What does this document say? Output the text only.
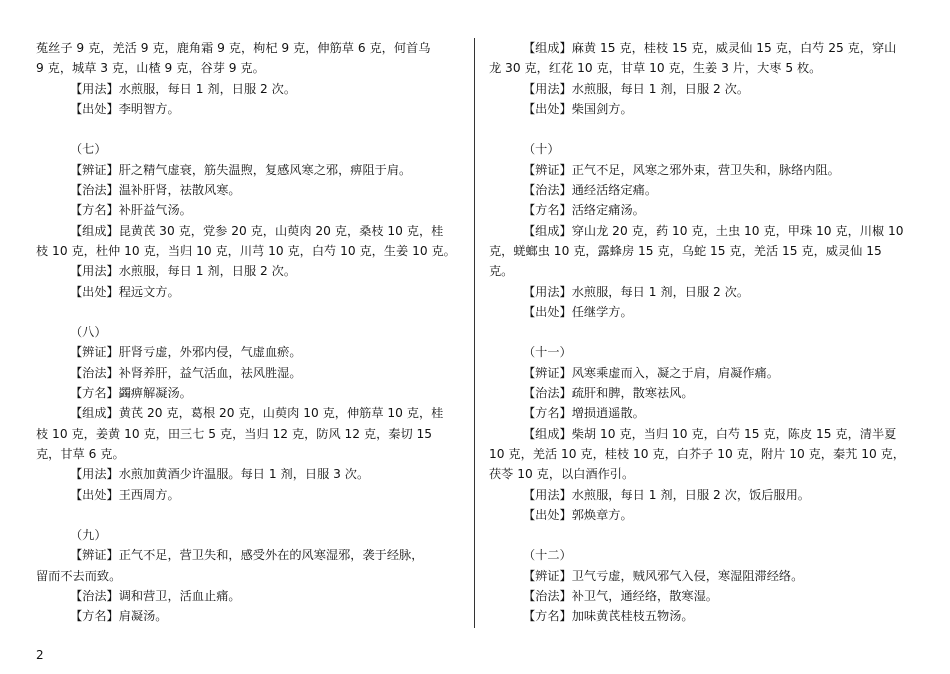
菟丝子 9 克，羌活 9 克，鹿角霜 9 克，枸杞 9 克，伸筋草 6 克，何首乌
9 克，城草 3 克，山楂 9 克，谷芽 9 克。
【用法】水煎服，每日 1 剂，日服 2 次。
【出处】李明智方。
（七）
【辨证】肝之精气虚衰，筋失温煦，复感风寒之邪，痹阻于肩。
【治法】温补肝肾，祛散风寒。
【方名】补肝益气汤。
【组成】昆黄芪 30 克，党参 20 克，山萸肉 20 克，桑枝 10 克，桂
枝 10 克，杜仲 10 克，当归 10 克，川芎 10 克，白芍 10 克，生姜 10 克。
【用法】水煎服，每日 1 剂，日服 2 次。
【出处】程远文方。
（八）
【辨证】肝肾亏虚，外邪内侵，气虚血瘀。
【治法】补肾养肝，益气活血，祛风胜湿。
【方名】蠲痹解凝汤。
【组成】黄芪 20 克，葛根 20 克，山萸肉 10 克，伸筋草 10 克，桂
枝 10 克，姜黄 10 克，田三七 5 克，当归 12 克，防风 12 克，秦切 15
克，甘草 6 克。
【用法】水煎加黄酒少许温服。每日 1 剂，日服 3 次。
【出处】王西周方。
（九）
【辨证】正气不足，营卫失和，感受外在的风寒湿邪，袭于经脉，
留而不去而致。
【治法】调和营卫，活血止痛。
【方名】肩凝汤。
【组成】麻黄 15 克，桂枝 15 克，威灵仙 15 克，白芍 25 克，穿山
龙 30 克，红花 10 克，甘草 10 克，生姜 3 片，大枣 5 枚。
【用法】水煎服，每日 1 剂，日服 2 次。
【出处】柴国剑方。
（十）
【辨证】正气不足，风寒之邪外束，营卫失和，脉络内阻。
【治法】通经活络定痛。
【方名】活络定痛汤。
【组成】穿山龙 20 克，药 10 克，土虫 10 克，甲珠 10 克，川椒 10
克，蜣螂虫 10 克，露蜂房 15 克，乌蛇 15 克，羌活 15 克，威灵仙 15
克。
【用法】水煎服，每日 1 剂，日服 2 次。
【出处】任继学方。
（十一）
【辨证】风寒乘虚而入，凝之于肩，肩凝作痛。
【治法】疏肝和脾，散寒祛风。
【方名】增损逍遥散。
【组成】柴胡 10 克，当归 10 克，白芍 15 克，陈皮 15 克，清半夏
10 克，羌活 10 克，桂枝 10 克，白芥子 10 克，附片 10 克，秦艽 10 克，
茯苓 10 克，以白酒作引。
【用法】水煎服，每日 1 剂，日服 2 次，饭后服用。
【出处】郭焕章方。
（十二）
【辨证】卫气亏虚，贼风邪气入侵，寒湿阻滞经络。
【治法】补卫气，通经络，散寒湿。
【方名】加味黄芪桂枝五物汤。
2
